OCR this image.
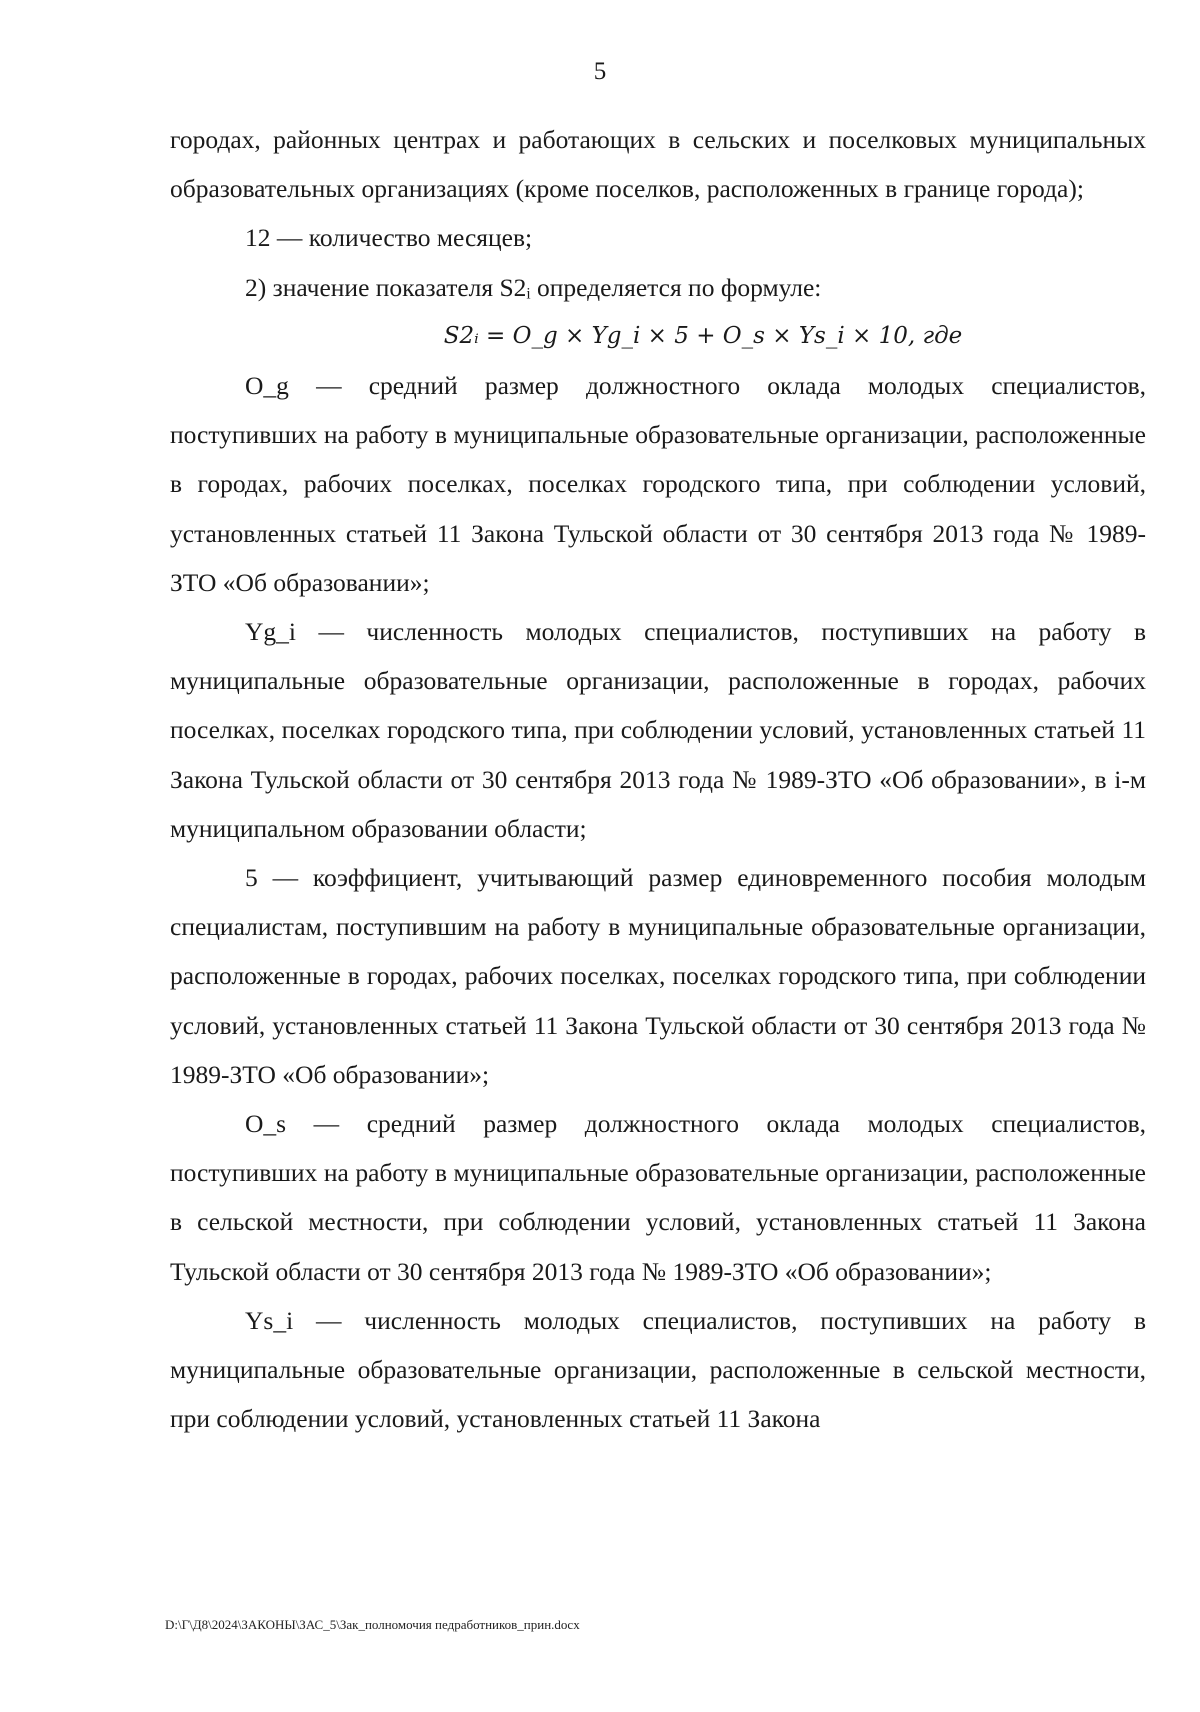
5

городах, районных центрах и работающих в сельских и поселковых муниципальных образовательных организациях (кроме поселков, расположенных в границе города);

12 — количество месяцев;

2) значение показателя S2ᵢ определяется по формуле:

S2ᵢ = O_g × Yg_i × 5 + O_s × Ys_i × 10, где

O_g — средний размер должностного оклада молодых специалистов, поступивших на работу в муниципальные образовательные организации, расположенные в городах, рабочих поселках, поселках городского типа, при соблюдении условий, установленных статьей 11 Закона Тульской области от 30 сентября 2013 года № 1989-ЗТО «Об образовании»;

Yg_i — численность молодых специалистов, поступивших на работу в муниципальные образовательные организации, расположенные в городах, рабочих поселках, поселках городского типа, при соблюдении условий, установленных статьей 11 Закона Тульской области от 30 сентября 2013 года № 1989-ЗТО «Об образовании», в i-м муниципальном образовании области;

5 — коэффициент, учитывающий размер единовременного пособия молодым специалистам, поступившим на работу в муниципальные образовательные организации, расположенные в городах, рабочих поселках, поселках городского типа, при соблюдении условий, установленных статьей 11 Закона Тульской области от 30 сентября 2013 года № 1989-ЗТО «Об образовании»;

O_s — средний размер должностного оклада молодых специалистов, поступивших на работу в муниципальные образовательные организации, расположенные в сельской местности, при соблюдении условий, установленных статьей 11 Закона Тульской области от 30 сентября 2013 года № 1989-ЗТО «Об образовании»;

Ys_i — численность молодых специалистов, поступивших на работу в муниципальные образовательные организации, расположенные в сельской местности, при соблюдении условий, установленных статьей 11 Закона

D:\Г\Д8\2024\ЗАКОНЫ\ЗАС_5\Зак_полномочия педработников_прин.docx
